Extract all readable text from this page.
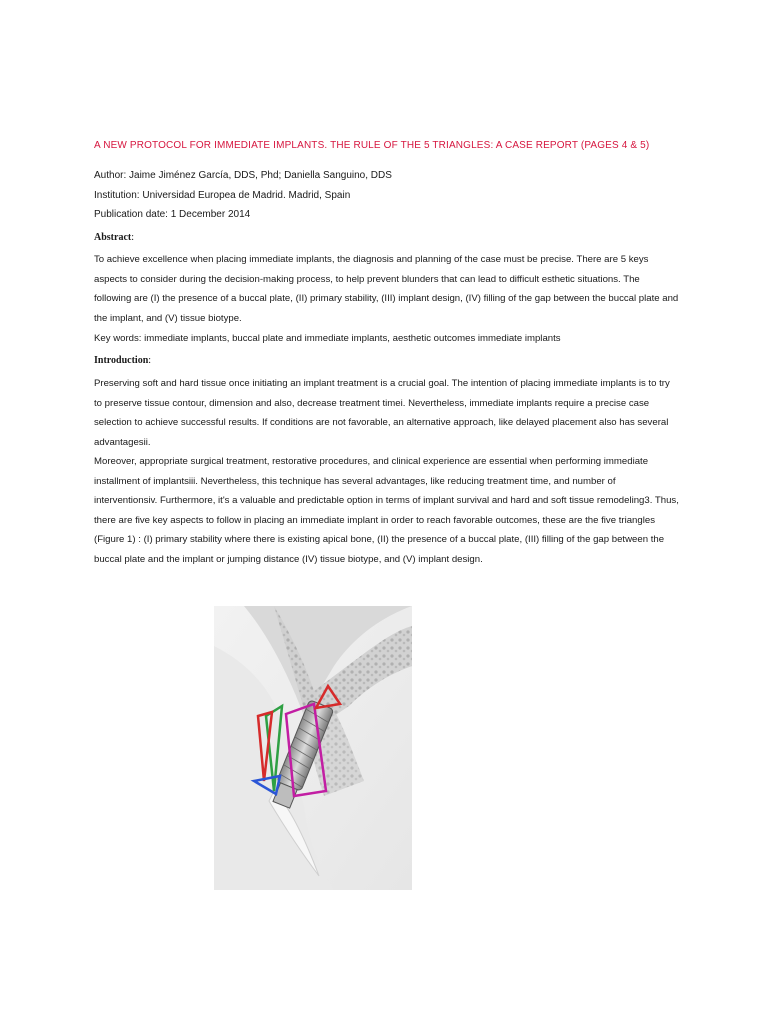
A NEW PROTOCOL FOR IMMEDIATE IMPLANTS. THE RULE OF THE 5 TRIANGLES: A CASE REPORT (PAGES 4 & 5)
Author: Jaime Jiménez García, DDS, Phd; Daniella Sanguino, DDS
Institution: Universidad Europea de Madrid. Madrid, Spain
Publication date: 1 December 2014
Abstract:
To achieve excellence when placing immediate implants, the diagnosis and planning of the case must be precise. There are 5 keys aspects to consider during the decision-making process, to help prevent blunders that can lead to difficult esthetic situations. The following are (I) the presence of a buccal plate, (II) primary stability, (III) implant design, (IV) filling of the gap between the buccal plate and the implant, and (V) tissue biotype.
Key words: immediate implants, buccal plate and immediate implants, aesthetic outcomes immediate implants
Introduction:
Preserving soft and hard tissue once initiating an implant treatment is a crucial goal. The intention of placing immediate implants is to try to preserve tissue contour, dimension and also, decrease treatment timei. Nevertheless, immediate implants require a precise case selection to achieve successful results. If conditions are not favorable, an alternative approach, like delayed placement also has several advantagesii.
Moreover, appropriate surgical treatment, restorative procedures, and clinical experience are essential when performing immediate installment of implantsiii. Nevertheless, this technique has several advantages, like reducing treatment time, and number of interventionsiv. Furthermore, it's a valuable and predictable option in terms of implant survival and hard and soft tissue remodeling3. Thus, there are five key aspects to follow in placing an immediate implant in order to reach favorable outcomes, these are the five triangles (Figure 1) : (I) primary stability where there is existing apical bone, (II) the presence of a buccal plate, (III) filling of the gap between the buccal plate and the implant or jumping distance (IV) tissue biotype, and (V) implant design.
